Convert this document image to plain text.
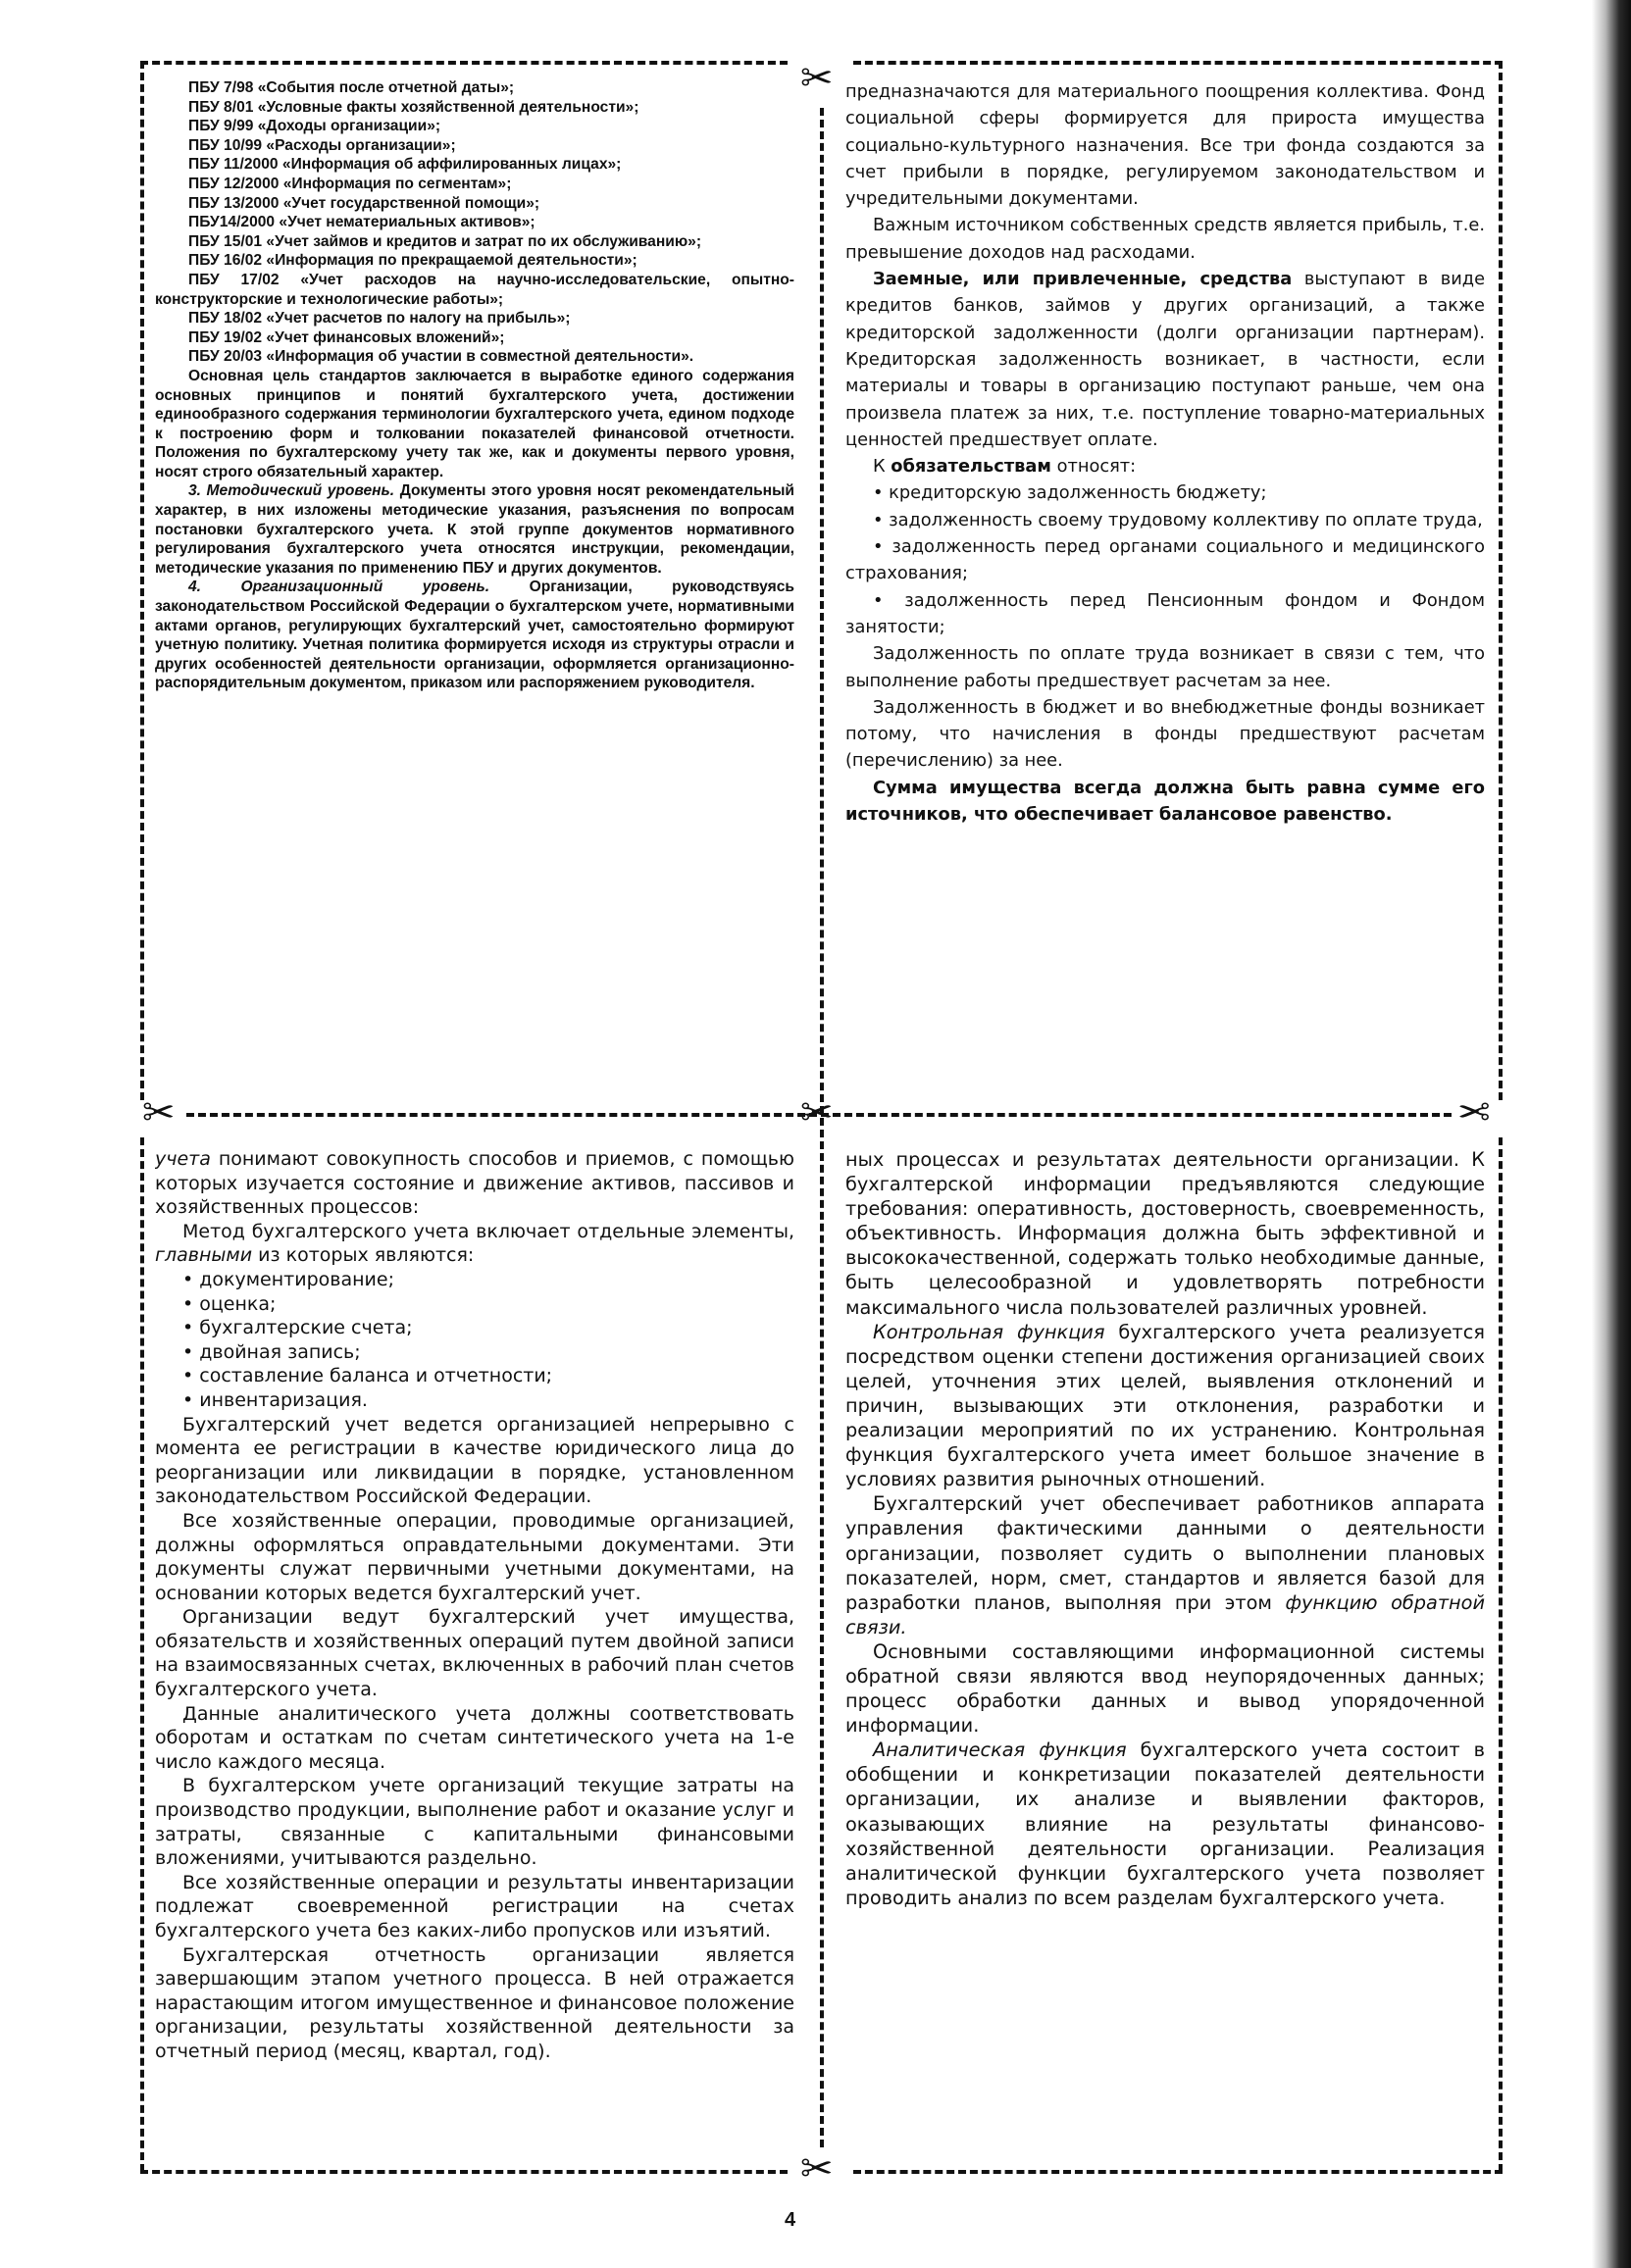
✂
✂	✂	✂
✂

ПБУ 7/98 «События после отчетной даты»;

ПБУ 8/01 «Условные факты хозяйственной деятельности»;

ПБУ 9/99 «Доходы организации»;

ПБУ 10/99 «Расходы организации»;

ПБУ 11/2000 «Информация об аффилированных лицах»;

ПБУ 12/2000 «Информация по сегментам»;

ПБУ 13/2000 «Учет государственной помощи»;

ПБУ14/2000 «Учет нематериальных активов»;

ПБУ 15/01 «Учет займов и кредитов и затрат по их обслуживанию»;

ПБУ 16/02 «Информация по прекращаемой деятельности»;

ПБУ 17/02 «Учет расходов на научно-исследовательские, опытно-конструкторские и технологические работы»;

ПБУ 18/02 «Учет расчетов по налогу на прибыль»;

ПБУ 19/02 «Учет финансовых вложений»;

ПБУ 20/03 «Информация об участии в совместной деятельности».

Основная цель стандартов заключается в выработке единого содержания основных принципов и понятий бухгалтерского учета, достижении единообразного содержания терминологии бухгалтерского учета, едином подходе к построению форм и толковании показателей финансовой отчетности. Положения по бухгалтерскому учету так же, как и документы первого уровня, носят строго обязательный характер.

3. Методический уровень. Документы этого уровня носят рекомендательный характер, в них изложены методические указания, разъяснения по вопросам постановки бухгалтерского учета. К этой группе документов нормативного регулирования бухгалтерского учета относятся инструкции, рекомендации, методические указания по применению ПБУ и других документов.

4. Организационный уровень. Организации, руководствуясь законодательством Российской Федерации о бухгалтерском учете, нормативными актами органов, регулирующих бухгалтерский учет, самостоятельно формируют учетную политику. Учетная политика формируется исходя из структуры отрасли и других особенностей деятельности организации, оформляется организационно-распорядительным документом, приказом или распоряжением руководителя.

предназначаются для материального поощрения коллектива. Фонд социальной сферы формируется для прироста имущества социально-культурного назначения. Все три фонда создаются за счет прибыли в порядке, регулируемом законодательством и учредительными документами.

Важным источником собственных средств является прибыль, т.е. превышение доходов над расходами.

Заемные, или привлеченные, средства выступают в виде кредитов банков, займов у других организаций, а также кредиторской задолженности (долги организации партнерам). Кредиторская задолженность возникает, в частности, если материалы и товары в организацию поступают раньше, чем она произвела платеж за них, т.е. поступление товарно-материальных ценностей предшествует оплате.

К обязательствам относят:

• кредиторскую задолженность бюджету;

• задолженность своему трудовому коллективу по оплате труда,

• задолженность перед органами социального и медицинского страхования;

• задолженность перед Пенсионным фондом и Фондом занятости;

Задолженность по оплате труда возникает в связи с тем, что выполнение работы предшествует расчетам за нее.

Задолженность в бюджет и во внебюджетные фонды возникает потому, что начисления в фонды предшествуют расчетам (перечислению) за нее.

Сумма имущества всегда должна быть равна сумме его источников, что обеспечивает балансовое равенство.

учета понимают совокупность способов и приемов, с помощью которых изучается состояние и движение активов, пассивов и хозяйственных процессов:

Метод бухгалтерского учета включает отдельные элементы, главными из которых являются:

• документирование;

• оценка;

• бухгалтерские счета;

• двойная запись;

• составление баланса и отчетности;

• инвентаризация.

Бухгалтерский учет ведется организацией непрерывно с момента ее регистрации в качестве юридического лица до реорганизации или ликвидации в порядке, установленном законодательством Российской Федерации.

Все хозяйственные операции, проводимые организацией, должны оформляться оправдательными документами. Эти документы служат первичными учетными документами, на основании которых ведется бухгалтерский учет.

Организации ведут бухгалтерский учет имущества, обязательств и хозяйственных операций путем двойной записи на взаимосвязанных счетах, включенных в рабочий план счетов бухгалтерского учета.

Данные аналитического учета должны соответствовать оборотам и остаткам по счетам синтетического учета на 1-е число каждого месяца.

В бухгалтерском учете организаций текущие затраты на производство продукции, выполнение работ и оказание услуг и затраты, связанные с капитальными финансовыми вложениями, учитываются раздельно.

Все хозяйственные операции и результаты инвентаризации подлежат своевременной регистрации на счетах бухгалтерского учета без каких-либо пропусков или изъятий.

Бухгалтерская отчетность организации является завершающим этапом учетного процесса. В ней отражается нарастающим итогом имущественное и финансовое положение организации, результаты хозяйственной деятельности за отчетный период (месяц, квартал, год).

ных процессах и результатах деятельности организации. К бухгалтерской информации предъявляются следующие требования: оперативность, достоверность, своевременность, объективность. Информация должна быть эффективной и высококачественной, содержать только необходимые данные, быть целесообразной и удовлетворять потребности максимального числа пользователей различных уровней.

Контрольная функция бухгалтерского учета реализуется посредством оценки степени достижения организацией своих целей, уточнения этих целей, выявления отклонений и причин, вызывающих эти отклонения, разработки и реализации мероприятий по их устранению. Контрольная функция бухгалтерского учета имеет большое значение в условиях развития рыночных отношений.

Бухгалтерский учет обеспечивает работников аппарата управления фактическими данными о деятельности организации, позволяет судить о выполнении плановых показателей, норм, смет, стандартов и является базой для разработки планов, выполняя при этом функцию обратной связи.

Основными составляющими информационной системы обратной связи являются ввод неупорядоченных данных; процесс обработки данных и вывод упорядоченной информации.

Аналитическая функция бухгалтерского учета состоит в обобщении и конкретизации показателей деятельности организации, их анализе и выявлении факторов, оказывающих влияние на результаты финансово-хозяйственной деятельности организации. Реализация аналитической функции бухгалтерского учета позволяет проводить анализ по всем разделам бухгалтерского учета.

4
